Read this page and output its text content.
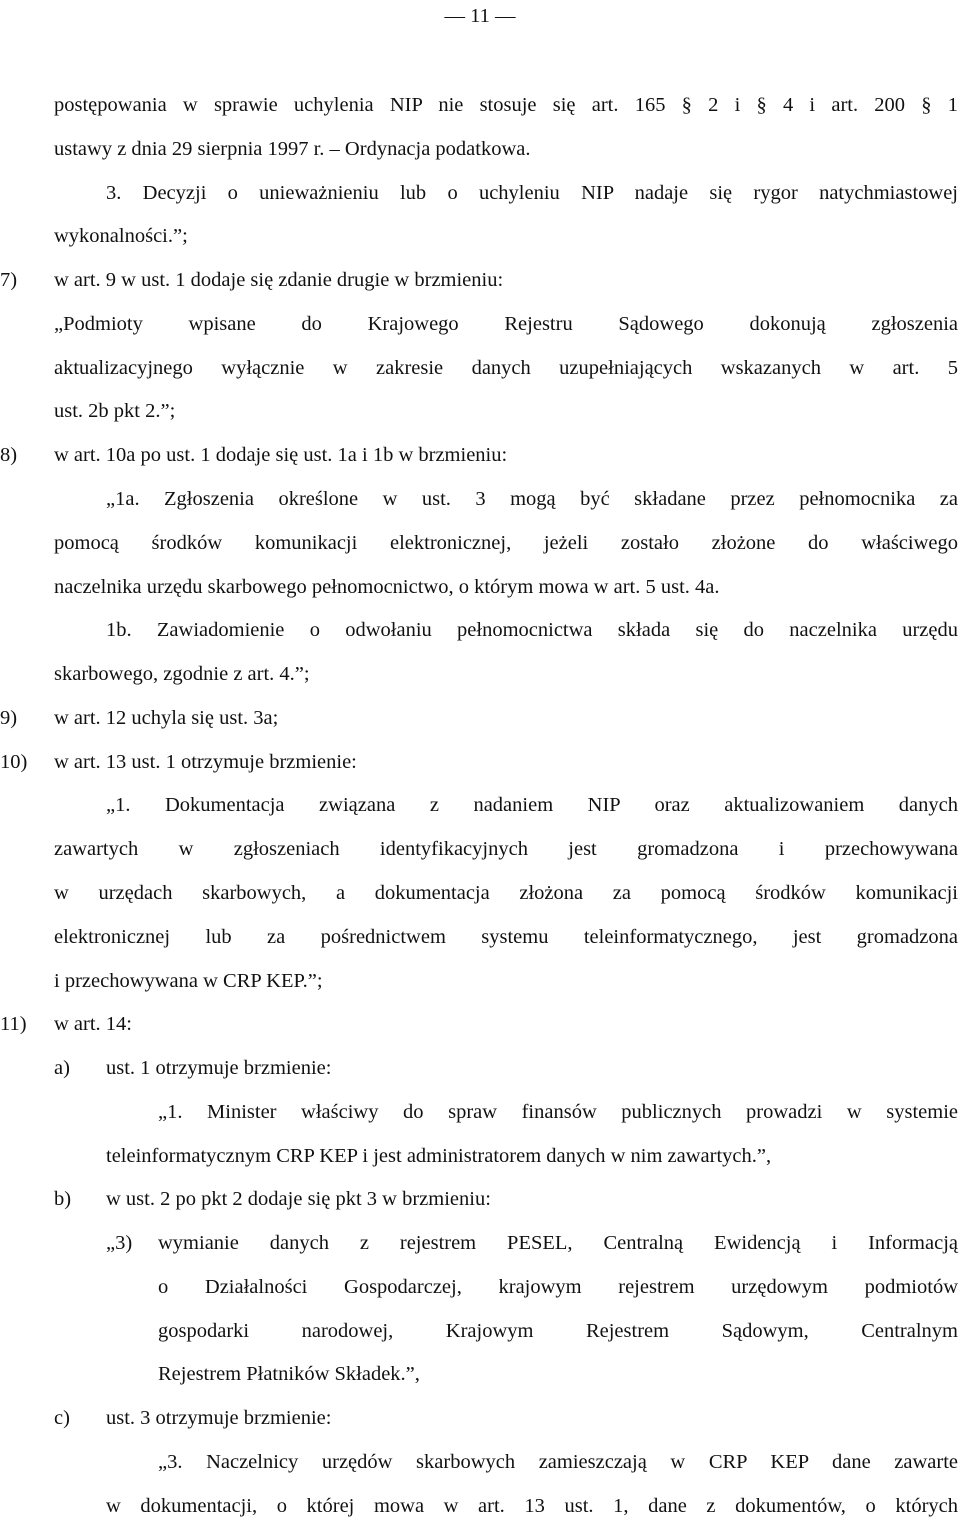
— 11 —
postępowania w sprawie uchylenia NIP nie stosuje się art. 165 § 2 i § 4 i art. 200 § 1
ustawy z dnia 29 sierpnia 1997 r. – Ordynacja podatkowa.
3. Decyzji o unieważnieniu lub o uchyleniu NIP nadaje się rygor natychmiastowej
wykonalności.”;
7) w art. 9 w ust. 1 dodaje się zdanie drugie w brzmieniu:
„Podmioty wpisane do Krajowego Rejestru Sądowego dokonują zgłoszenia
aktualizacyjnego wyłącznie w zakresie danych uzupełniających wskazanych w art. 5
ust. 2b pkt 2.”;
8) w art. 10a po ust. 1 dodaje się ust. 1a i 1b w brzmieniu:
„1a. Zgłoszenia określone w ust. 3 mogą być składane przez pełnomocnika za
pomocą środków komunikacji elektronicznej, jeżeli zostało złożone do właściwego
naczelnika urzędu skarbowego pełnomocnictwo, o którym mowa w art. 5 ust. 4a.
1b. Zawiadomienie o odwołaniu pełnomocnictwa składa się do naczelnika urzędu
skarbowego, zgodnie z art. 4.”;
9) w art. 12 uchyla się ust. 3a;
10) w art. 13 ust. 1 otrzymuje brzmienie:
„1. Dokumentacja związana z nadaniem NIP oraz aktualizowaniem danych
zawartych w zgłoszeniach identyfikacyjnych jest gromadzona i przechowywana
w urzędach skarbowych, a dokumentacja złożona za pomocą środków komunikacji
elektronicznej lub za pośrednictwem systemu teleinformatycznego, jest gromadzona
i przechowywana w CRP KEP.”;
11) w art. 14:
a) ust. 1 otrzymuje brzmienie:
„1. Minister właściwy do spraw finansów publicznych prowadzi w systemie
teleinformatycznym CRP KEP i jest administratorem danych w nim zawartych.”,
b) w ust. 2 po pkt 2 dodaje się pkt 3 w brzmieniu:
„3) wymianie danych z rejestrem PESEL, Centralną Ewidencją i Informacją
o Działalności Gospodarczej, krajowym rejestrem urzędowym podmiotów
gospodarki narodowej, Krajowym Rejestrem Sądowym, Centralnym
Rejestrem Płatników Składek.”,
c) ust. 3 otrzymuje brzmienie:
„3. Naczelnicy urzędów skarbowych zamieszczają w CRP KEP dane zawarte
w dokumentacji, o której mowa w art. 13 ust. 1, dane z dokumentów, o których
